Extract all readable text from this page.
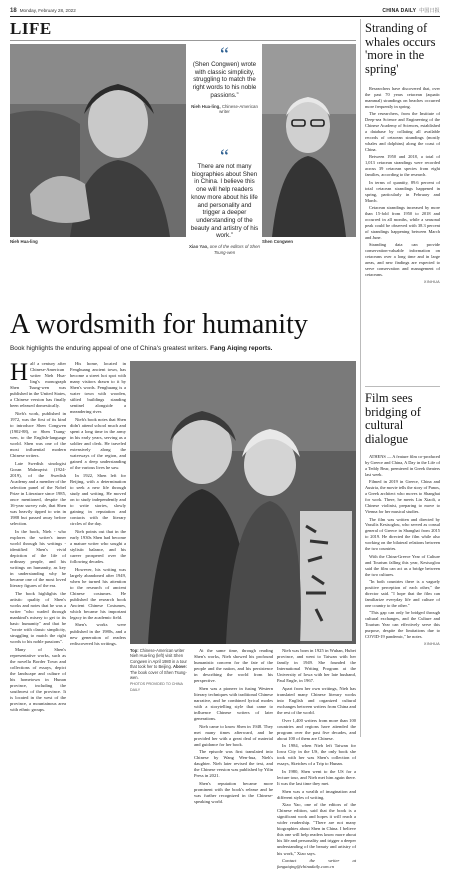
18 Monday, February 28, 2022	CHINA DAILY 中国日报
LIFE
Nieh Hua-ling
“
(Shen Congwen) wrote with classic simplicity, struggling to match the right words to his noble passions.”
Nieh Hua-ling, Chinese-American writer
“
There are not many biographies about Shen in China. I believe this one will help readers know more about his life and personality and trigger a deeper understanding of the beauty and artistry of his work.”
Xiao Yao, one of the editors of Shen Tsung-wen
Shen Congwen
A wordsmith for humanity
Book highlights the enduring appeal of one of China's greatest writers. Fang Aiqing reports.

Half a century after Chinese-American writer Nieh Hua-ling's monograph Shen Tsung-wen was published in the United States, a Chinese version has finally been released domestically.

Nieh's work, published in 1972, was the first of its kind to introduce Shen Congwen (1902-88), or Shen Tsung-wen, to the English-language world. Shen was one of the most influential modern Chinese writers.

Late Swedish sinologist Goran Malmqvist (1924-2019), of the Swedish Academy and a member of the selection panel of the Nobel Prize in Literature since 1985, once mentioned, despite the 16-year survey rule, that Shen was heavily tipped to win in 1988 but passed away before selection.

In the book, Nieh - who explores the writer's inner world through his writings - identified Shen's vivid depiction of the life of ordinary people, and his writings on humanity, as key in understanding why he became one of the most loved literary figures of the era.

The book highlights the artistic quality of Shen's works and notes that he was a writer "who waded through mankind's misery to get to its basic humanity" and that he "wrote with classic simplicity, struggling to match the right words to his noble passions".

Many of Shen's representative works, such as the novella Border Town and collections of essays, depict the landscape and culture of his hometown in Hunan province, including the southwest of the province. It is located in the west of the province, a mountainous area with ethnic groups.

His home, located in Fenghuang ancient town, has become a street hot spot with many visitors drawn to it by Shen's words. Fenghuang is a water town with wooden, stilted buildings standing sentinel alongside a meandering river.

Nieh's book notes that Shen didn't attend school much and spent a long time in the army in his early years, serving as a soldier and clerk. He traveled extensively along the waterways of the region, and gained a deep understanding of the various lives he saw.

In 1922, Shen left for Beijing, with a determination to seek a new life through study and writing. He moved on to study independently and to write stories, slowly gaining in reputation and contacts with the literary circles of the day.

Nieh points out that in the early 1930s Shen had become a mature writer who sought a stylistic balance, and his career prospered over the following decades.

However, his writing was largely abandoned after 1949, when he turned his attention to the research of ancient Chinese costumes. He published the research book Ancient Chinese Costumes, which became his important legacy in the academic field.

Shen's works were published in the 1980s, and a new generation of readers rediscovered his writings.

Top: Chinese-American writer Nieh Hua-ling (left) visit Shen Congwen in April 1980 in a tour that took her to Beijing. Above: The book cover of Shen Tsung-wen.
PHOTOS PROVIDED TO CHINA DAILY

At the same time, through reading Shen's works, Nieh showed his profound humanistic concern for the fate of the people and the nation, and his persistence in describing the world from his perspective.

Shen was a pioneer in fusing Western literary techniques with traditional Chinese narrative, and he combined lyrical modes with a storytelling style that came to influence Chinese writers of later generations.

Nieh came to know Shen in 1948. They met many times afterward, and he provided her with a great deal of material and guidance for her book.

The episode was first translated into Chinese by Wang Wen-hua, Nieh's daughter. Nieh later revised the text, and the Chinese version was published by Yilin Press in 2021.

Shen's reputation became more prominent with the book's release and he was further recognized in the Chinese-speaking world.

Nieh was born in 1925 in Wuhan, Hubei province, and went to Taiwan with her family in 1949. She founded the International Writing Program at the University of Iowa with her late husband, Paul Engle, in 1967.

Apart from her own writings, Nieh has translated many Chinese literary works into English and organized cultural exchanges between writers from China and the rest of the world.

Over 1,400 writers from more than 100 countries and regions have attended the program over the past five decades, and about 100 of them are Chinese.

In 1984, when Nieh left Taiwan for Iowa City in the US, the only book she took with her was Shen's collection of essays, Sketches of a Trip to Hunan.

In 1980, Shen went to the US for a lecture tour, and Nieh met him again there. It was the last time they met.

Shen was a wealth of imagination and different styles of writing.

Xiao Yao, one of the editors of the Chinese edition, said that the book is a significant work and hopes it will reach a wider readership. "There are not many biographies about Shen in China. I believe this one will help readers know more about his life and personality and trigger a deeper understanding of the beauty and artistry of his work," Xiao says.

Contact the writer at fangaiqing@chinadaily.com.cn

Stranding of whales occurs 'more in the spring'

Researchers have discovered that, over the past 70 years cetacean (aquatic mammal) strandings on beaches occurred more frequently in spring.

The researchers, from the Institute of Deep-sea Science and Engineering of the Chinese Academy of Sciences, established a database by collating all available records of cetacean strandings (mostly whales and dolphins) along the coast of China.

Between 1950 and 2018, a total of 1,013 cetacean strandings were recorded across 39 cetacean species from eight families, according to the research.

In terms of quantity, 89.6 percent of total cetacean strandings happened in spring, particularly in February and March.

Cetacean strandings increased by more than 15-fold from 1950 to 2018 and occurred in all months, while a seasonal peak could be observed with 38.3 percent of strandings happening between March and June.

Stranding data can provide conservation-valuable information on cetaceans over a long time and in large areas, and new findings are expected to serve conservation and management of cetaceans.

XINHUA
Film sees bridging of cultural dialogue

ATHENS — A feature film co-produced by Greece and China, A Day in the Life of a Teddy Bear, premiered in Greek theaters last week.

Filmed in 2019 in Greece, China and Austria, the movie tells the story of Panos, a Greek architect who moves to Shanghai for work. There, he meets Lin Xiaoli, a Chinese violinist, preparing to move to Vienna for her musical studies.

The film was written and directed by Vassilis Kesisoglou, who served as consul general of Greece in Shanghai from 2015 to 2019. He directed the film while also working on the bilateral relations between the two countries.

With the China-Greece Year of Culture and Tourism falling this year, Kesisoglou said the film can act as a bridge between the two cultures.

"In both countries there is a vaguely positive perception of each other," the director said. "I hope that the film can familiarize everyday life and culture of one country to the other."

"This gap can only be bridged through cultural exchanges, and the Culture and Tourism Year can effectively serve this purpose, despite the limitations due to COVID-19 pandemic," he notes.

XINHUA
